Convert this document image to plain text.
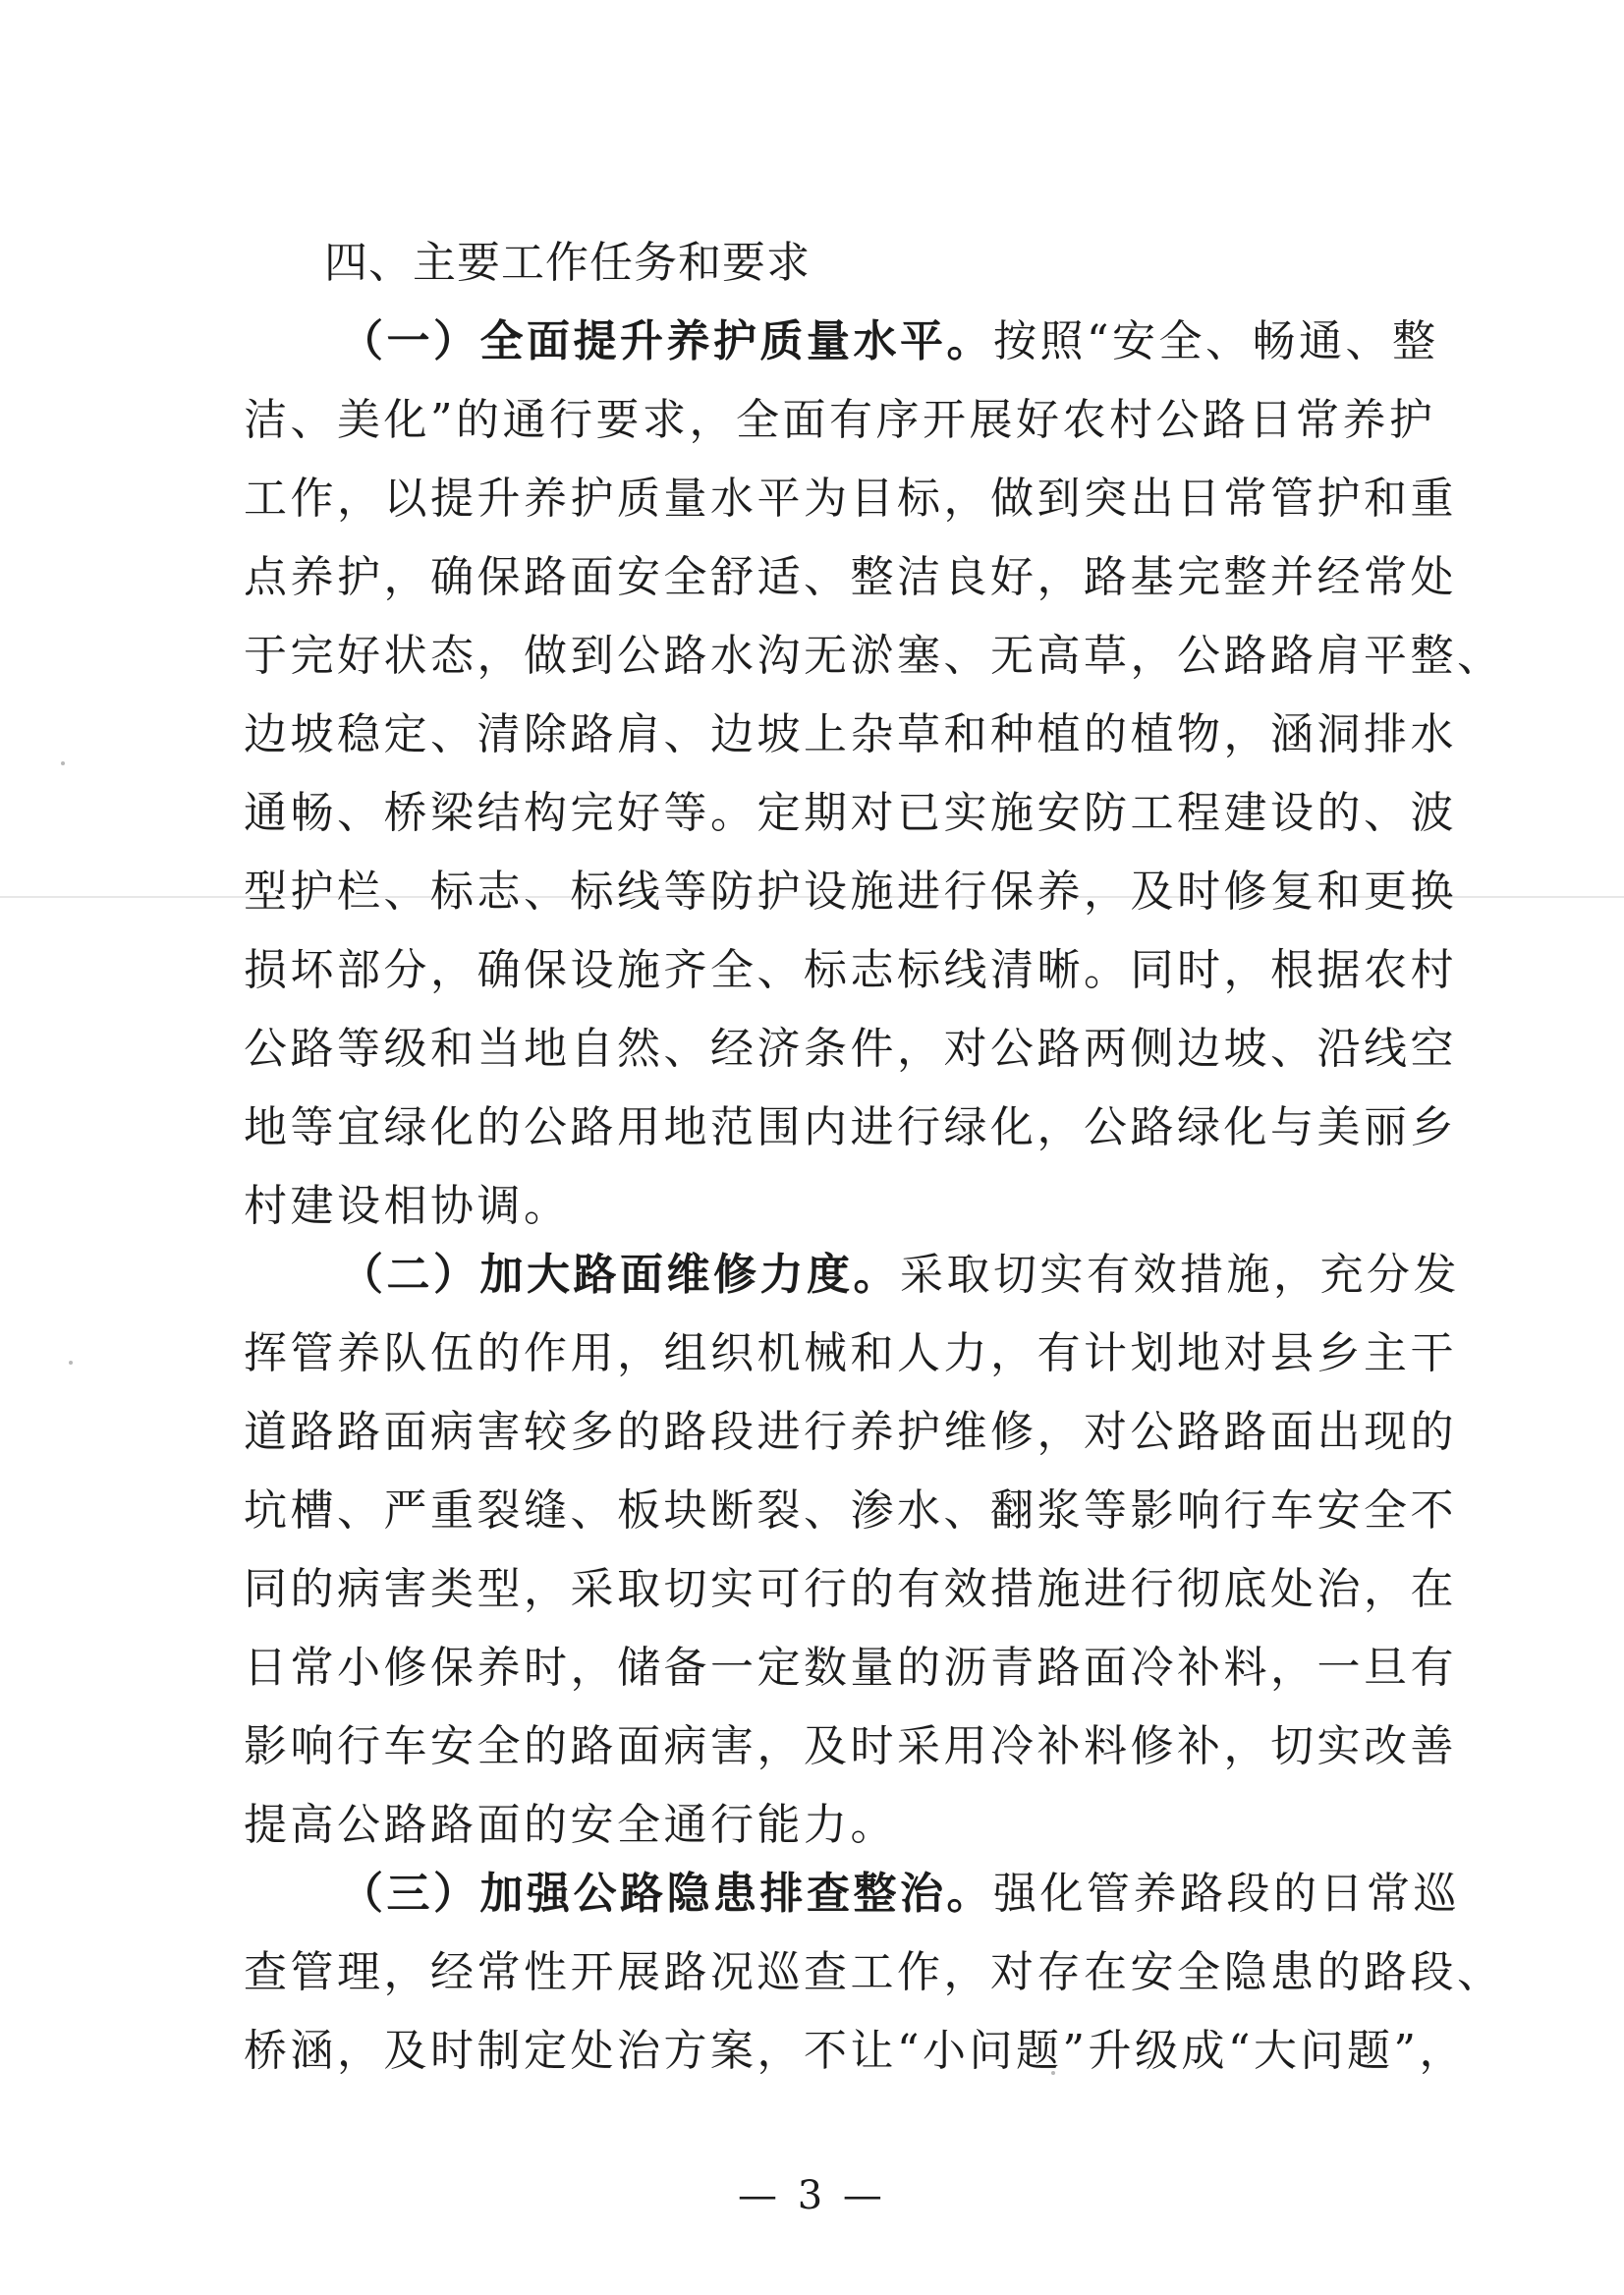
四、主要工作任务和要求
（一）全面提升养护质量水平。按照“安全、畅通、整
洁、美化”的通行要求，全面有序开展好农村公路日常养护
工作，以提升养护质量水平为目标，做到突出日常管护和重
点养护，确保路面安全舒适、整洁良好，路基完整并经常处
于完好状态，做到公路水沟无淤塞、无高草，公路路肩平整、
边坡稳定、清除路肩、边坡上杂草和种植的植物，涵洞排水
通畅、桥梁结构完好等。定期对已实施安防工程建设的、波
型护栏、标志、标线等防护设施进行保养，及时修复和更换
损坏部分，确保设施齐全、标志标线清晰。同时，根据农村
公路等级和当地自然、经济条件，对公路两侧边坡、沿线空
地等宜绿化的公路用地范围内进行绿化，公路绿化与美丽乡
村建设相协调。
（二）加大路面维修力度。采取切实有效措施，充分发
挥管养队伍的作用，组织机械和人力，有计划地对县乡主干
道路路面病害较多的路段进行养护维修，对公路路面出现的
坑槽、严重裂缝、板块断裂、渗水、翻浆等影响行车安全不
同的病害类型，采取切实可行的有效措施进行彻底处治，在
日常小修保养时，储备一定数量的沥青路面冷补料，一旦有
影响行车安全的路面病害，及时采用冷补料修补，切实改善
提高公路路面的安全通行能力。
（三）加强公路隐患排查整治。强化管养路段的日常巡
查管理，经常性开展路况巡查工作，对存在安全隐患的路段、
桥涵，及时制定处治方案，不让“小问题”升级成“大问题”，
— 3 —
